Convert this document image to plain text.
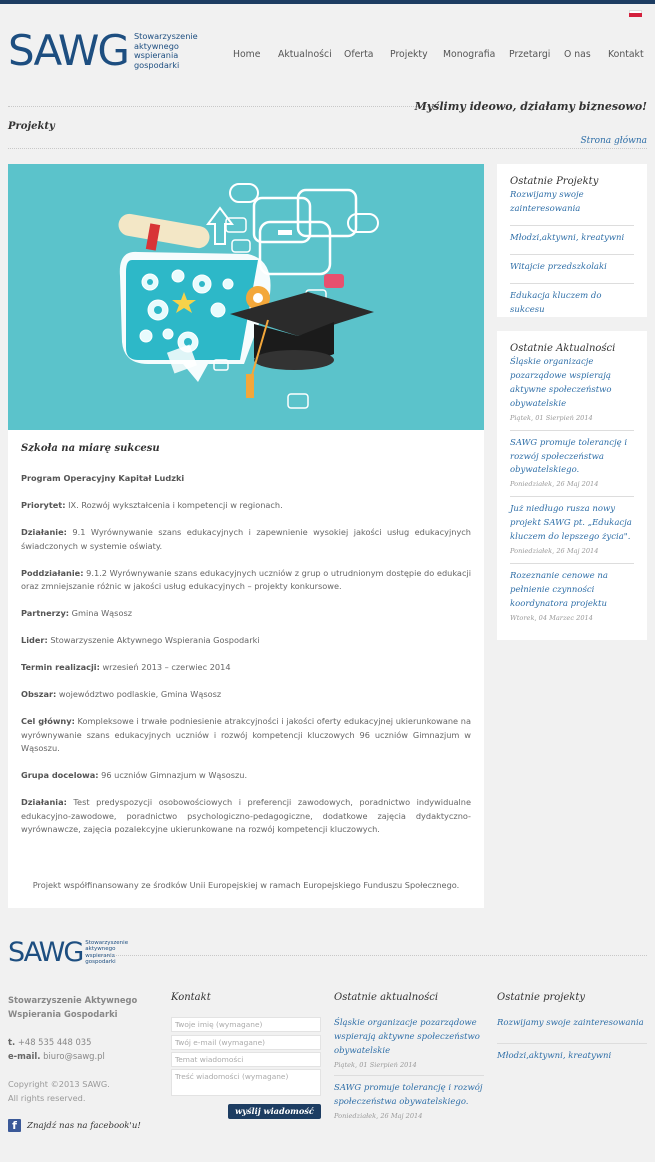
SAWG Stowarzyszenie
aktywnego
wspierania
gospodarki
Home Aktualności Oferta Projekty Monografia Przetargi O nas Kontakt
Myślimy ideowo, działamy biznesowo!
Projekty
Strona główna
Szkoła na miarę sukcesu

Program Operacyjny Kapitał Ludzki

Priorytet: IX. Rozwój wykształcenia i kompetencji w regionach.

Działanie: 9.1 Wyrównywanie szans edukacyjnych i zapewnienie wysokiej jakości usług edukacyjnych świadczonych w systemie oświaty.

Poddziałanie: 9.1.2 Wyrównywanie szans edukacyjnych uczniów z grup o utrudnionym dostępie do edukacji oraz zmniejszanie różnic w jakości usług edukacyjnych – projekty konkursowe.

Partnerzy: Gmina Wąsosz

Lider: Stowarzyszenie Aktywnego Wspierania Gospodarki

Termin realizacji: wrzesień 2013 – czerwiec 2014

Obszar: województwo podlaskie, Gmina Wąsosz

Cel główny: Kompleksowe i trwałe podniesienie atrakcyjności i jakości oferty edukacyjnej ukierunkowane na wyrównywanie szans edukacyjnych uczniów i rozwój kompetencji kluczowych 96 uczniów Gimnazjum w Wąsoszu.

Grupa docelowa: 96 uczniów Gimnazjum w Wąsoszu.

Działania: Test predyspozycji osobowościowych i preferencji zawodowych, poradnictwo indywidualne edukacyjno-zawodowe, poradnictwo psychologiczno-pedagogiczne, dodatkowe zajęcia dydaktyczno-wyrównawcze, zajęcia pozalekcyjne ukierunkowane na rozwój kompetencji kluczowych.

Projekt współfinansowany ze środków Unii Europejskiej w ramach Europejskiego Funduszu Społecznego.
Ostatnie Projekty
Rozwijamy swoje zainteresowania
Młodzi,aktywni, kreatywni
Witajcie przedszkolaki
Edukacja kluczem do sukcesu
Ostatnie Aktualności
Śląskie organizacje pozarządowe wspierają aktywne społeczeństwo obywatelskie
Piątek, 01 Sierpień 2014
SAWG promuje tolerancję i rozwój społeczeństwa obywatelskiego.
Poniedziałek, 26 Maj 2014
Już niedługo rusza nowy projekt SAWG pt. „Edukacja kluczem do lepszego życia".
Poniedziałek, 26 Maj 2014
Rozeznanie cenowe na pełnienie czynności koordynatora projektu
Wtorek, 04 Marzec 2014
SAWG Stowarzyszenie
aktywnego
wspierania
gospodarki
Stowarzyszenie Aktywnego
Wspierania Gospodarki
t. +48 535 448 035
e-mail. biuro@sawg.pl
Copyright ©2013 SAWG.
All rights reserved.
f	Znajdź nas na facebook'u!
Kontakt
Twoje imię (wymagane)
Twój e-mail (wymagane)
Temat wiadomości
Treść wiadomości (wymagane)
wyślij wiadomość
Ostatnie aktualności
Śląskie organizacje pozarządowe wspierają aktywne społeczeństwo obywatelskie
Piątek, 01 Sierpień 2014
SAWG promuje tolerancję i rozwój społeczeństwa obywatelskiego.
Poniedziałek, 26 Maj 2014
Ostatnie projekty
Rozwijamy swoje zainteresowania
Młodzi,aktywni, kreatywni
